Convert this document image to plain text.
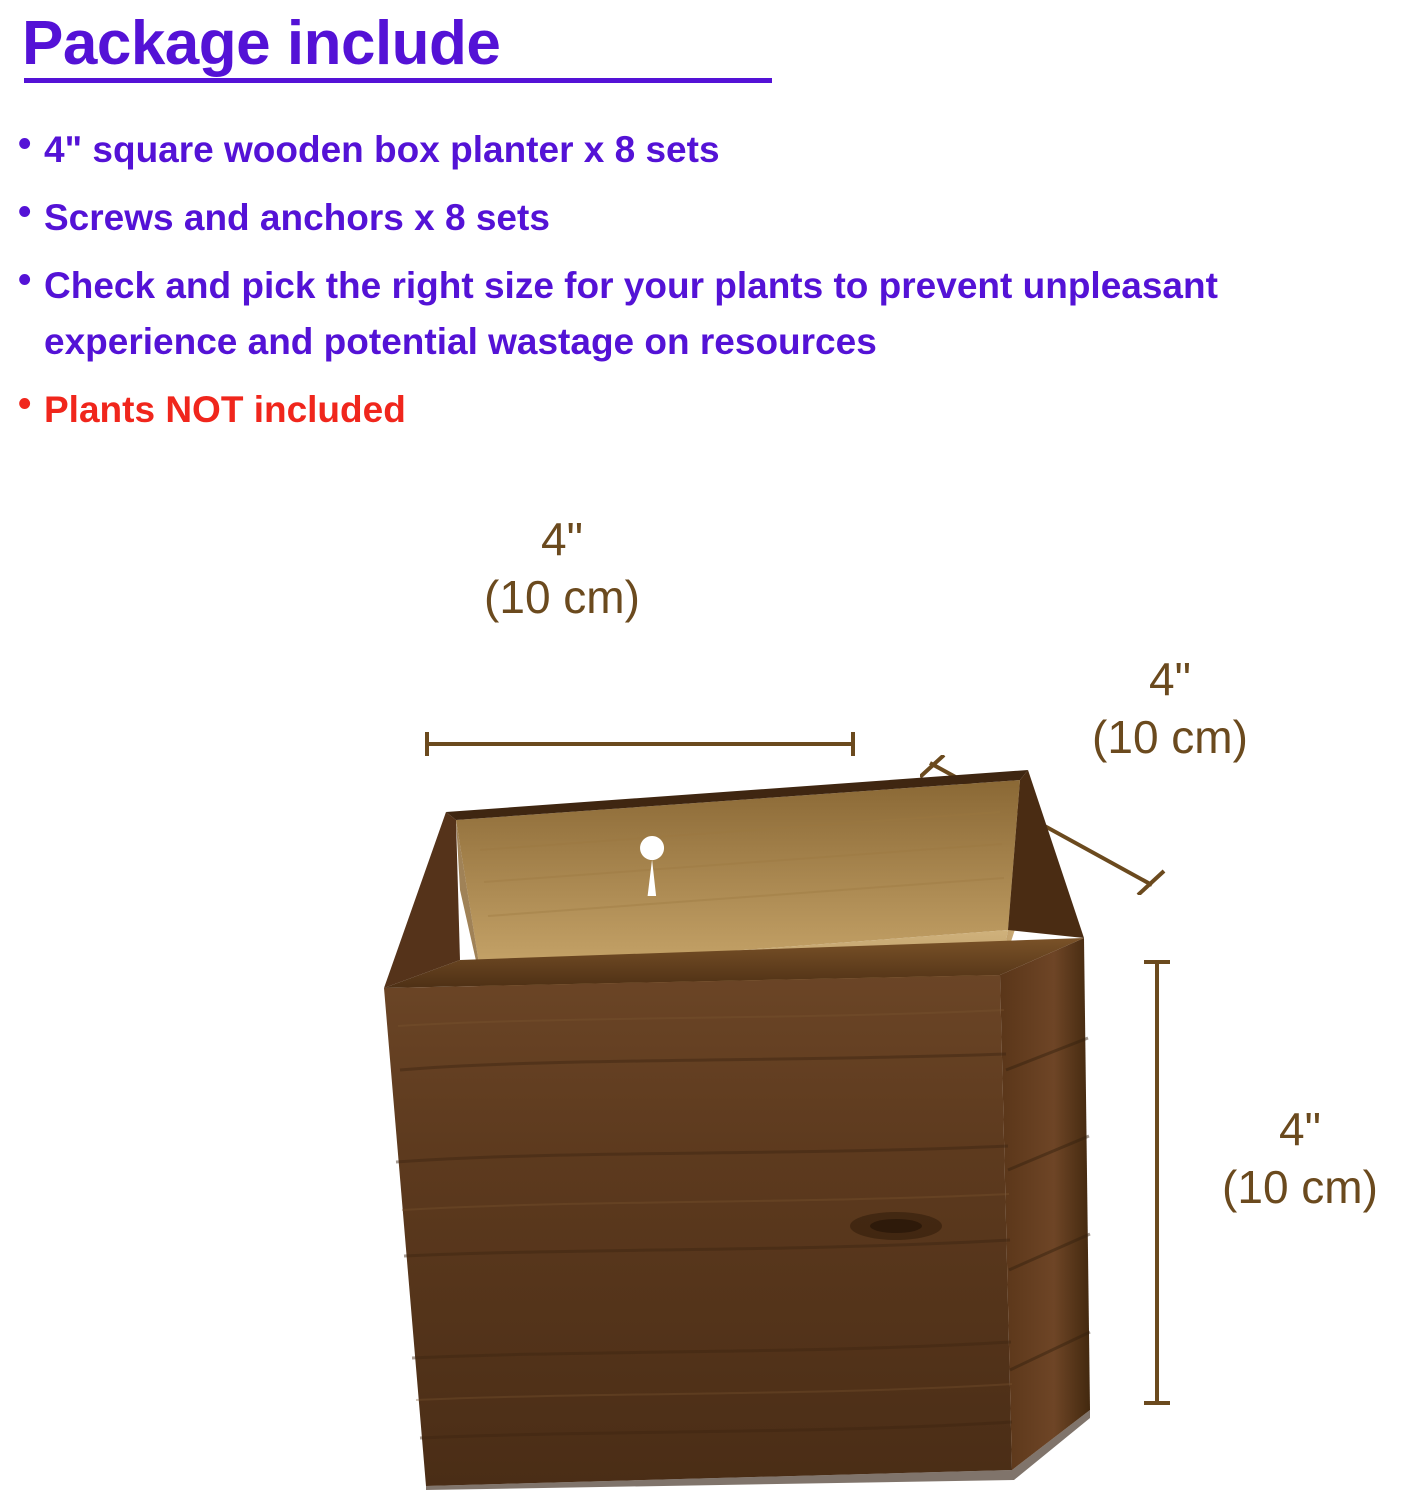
Package include
• 4" square wooden box planter x 8 sets
• Screws and anchors x 8 sets
• Check and pick the right size for your plants to prevent unpleasant experience and potential wastage on resources
• Plants NOT included
4"
(10 cm)
4"
(10 cm)
4"
(10 cm)
